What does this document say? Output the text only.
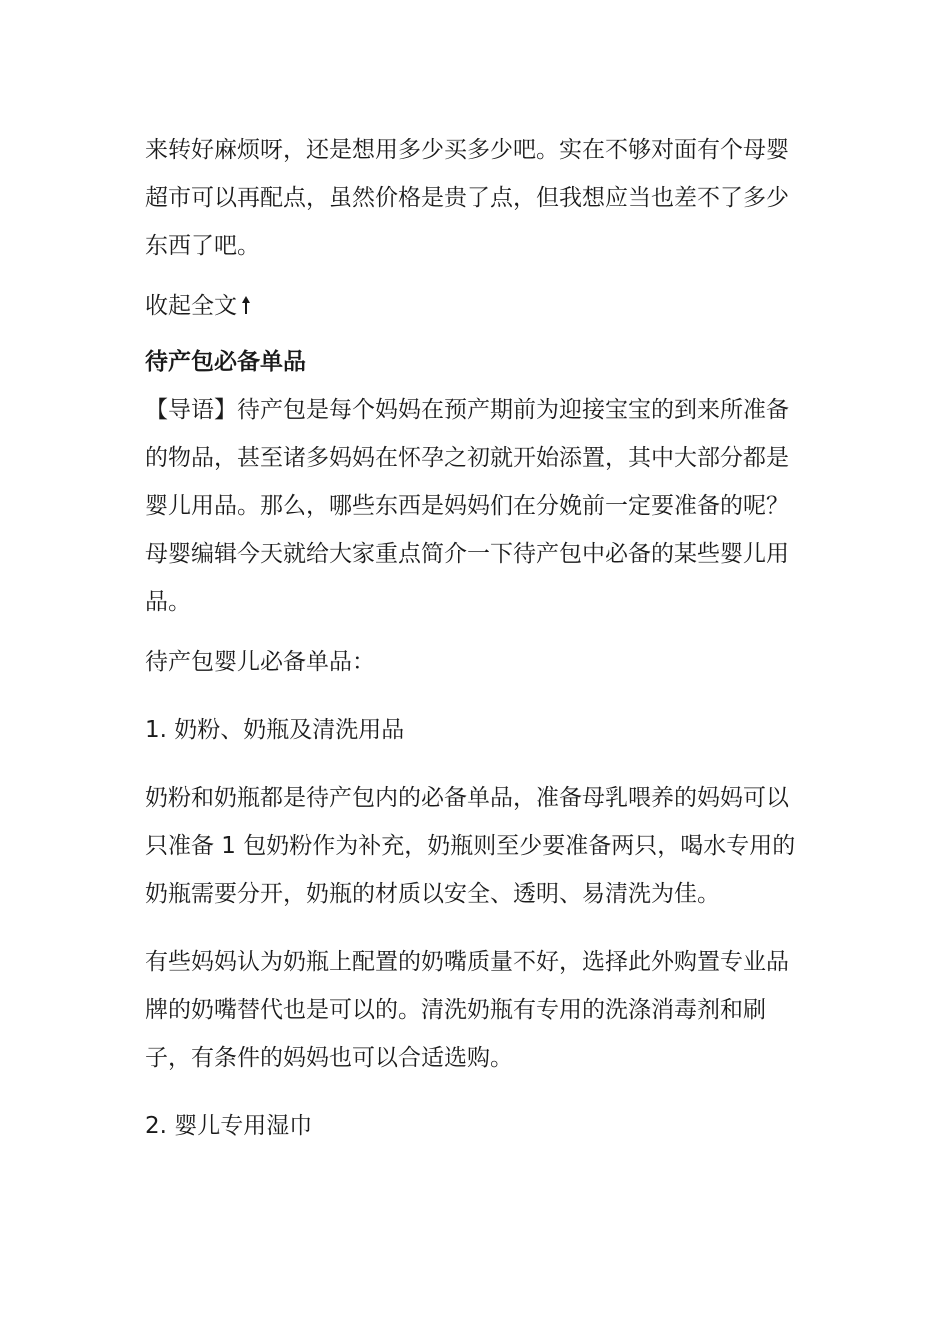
来转好麻烦呀，还是想用多少买多少吧。实在不够对面有个母婴超市可以再配点，虽然价格是贵了点，但我想应当也差不了多少东西了吧。

收起全文

待产包必备单品

【导语】待产包是每个妈妈在预产期前为迎接宝宝的到来所准备的物品，甚至诸多妈妈在怀孕之初就开始添置，其中大部分都是婴儿用品。那么，哪些东西是妈妈们在分娩前一定要准备的呢？母婴编辑今天就给大家重点简介一下待产包中必备的某些婴儿用品。

待产包婴儿必备单品：

1. 奶粉、奶瓶及清洗用品

奶粉和奶瓶都是待产包内的必备单品，准备母乳喂养的妈妈可以只准备 1 包奶粉作为补充，奶瓶则至少要准备两只，喝水专用的奶瓶需要分开，奶瓶的材质以安全、透明、易清洗为佳。

有些妈妈认为奶瓶上配置的奶嘴质量不好，选择此外购置专业品牌的奶嘴替代也是可以的。清洗奶瓶有专用的洗涤消毒剂和刷子，有条件的妈妈也可以合适选购。

2. 婴儿专用湿巾
